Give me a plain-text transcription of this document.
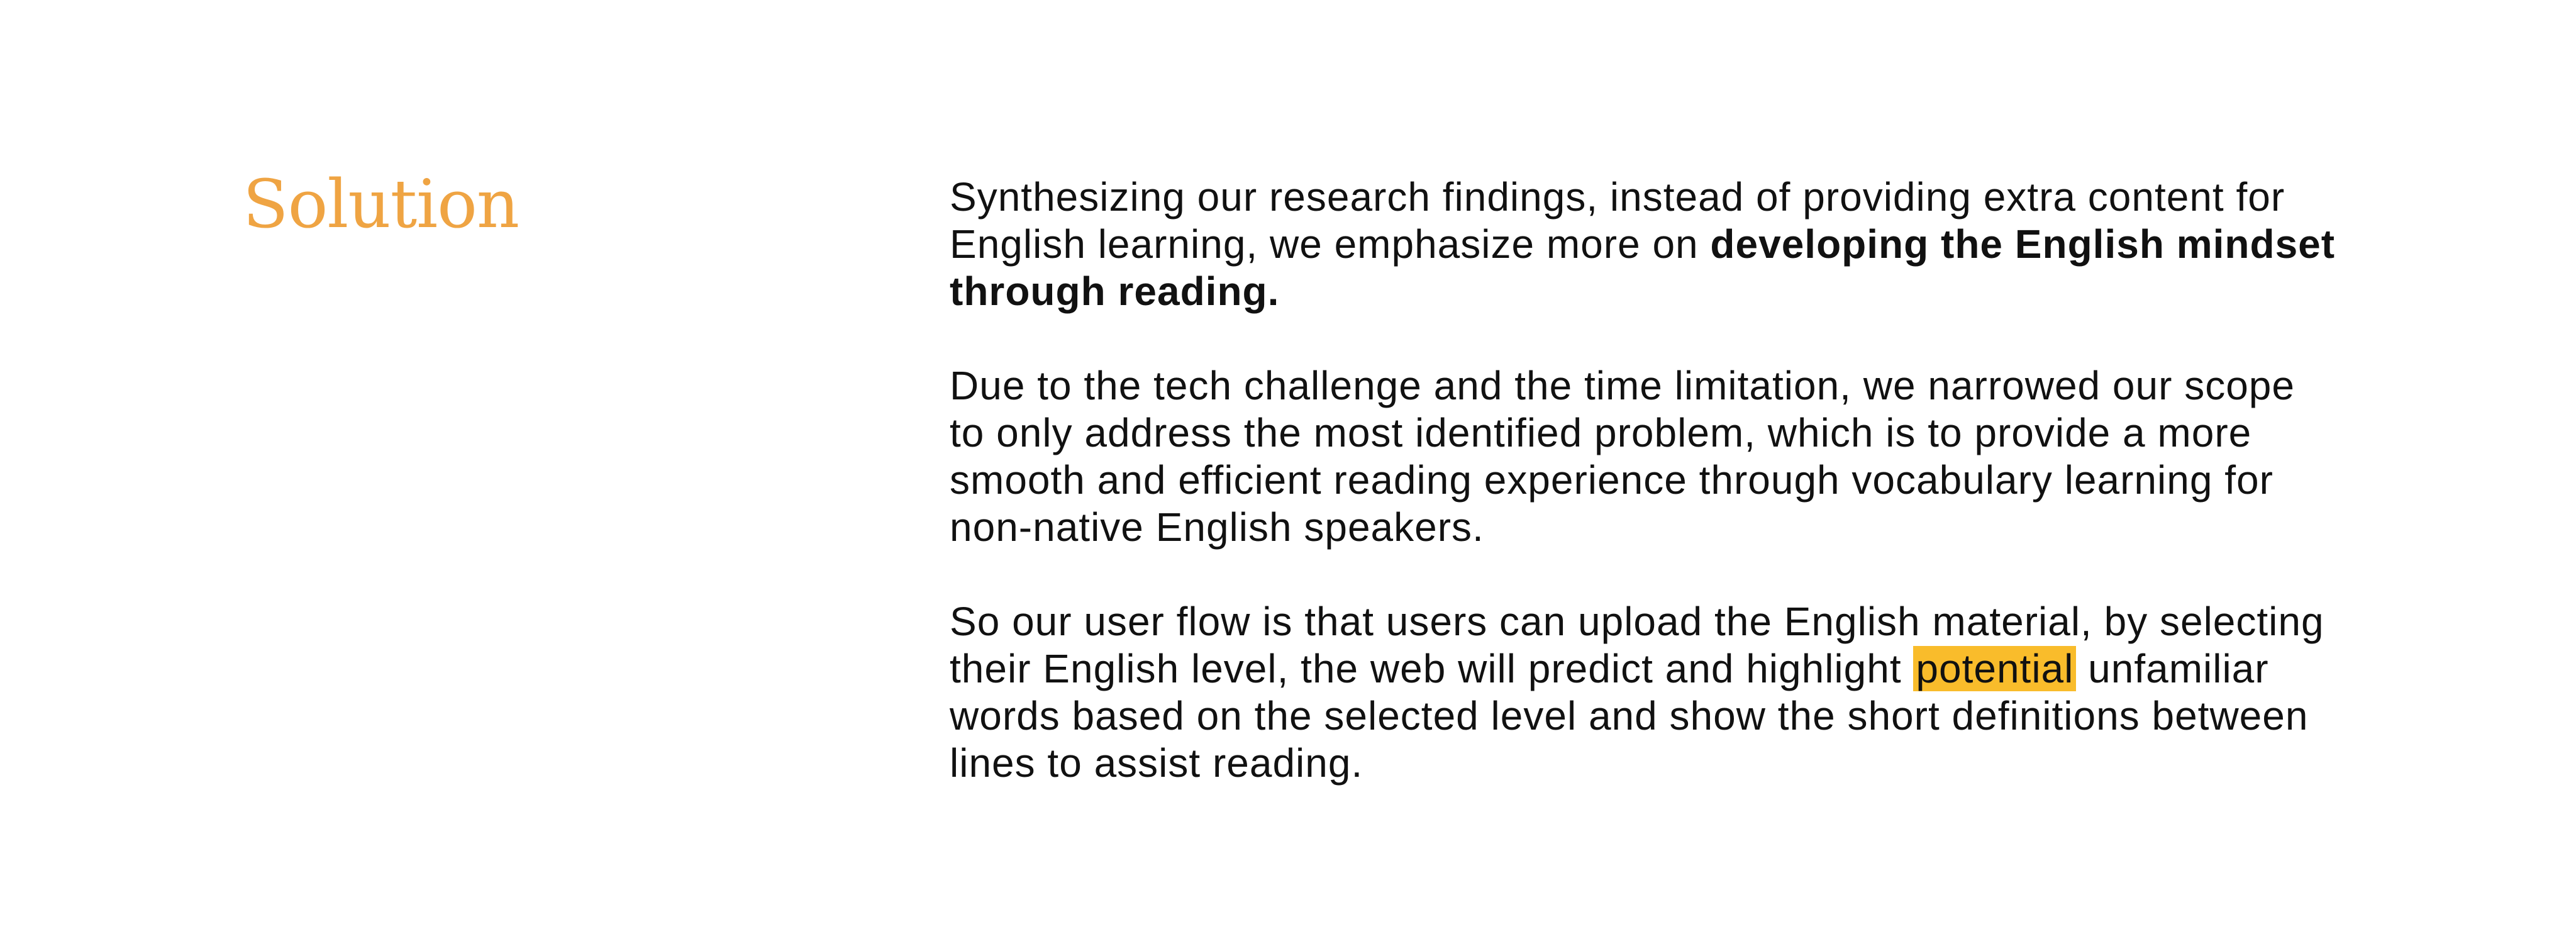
Solution	Synthesizing our research findings, instead of providing extra content for
English learning, we emphasize more on developing the English mindset
through reading.

Due to the tech challenge and the time limitation, we narrowed our scope
to only address the most identified problem, which is to provide a more
smooth and efficient reading experience through vocabulary learning for
non-native English speakers.

So our user flow is that users can upload the English material, by selecting
their English level, the web will predict and highlight potential unfamiliar
words based on the selected level and show the short definitions between
lines to assist reading.
